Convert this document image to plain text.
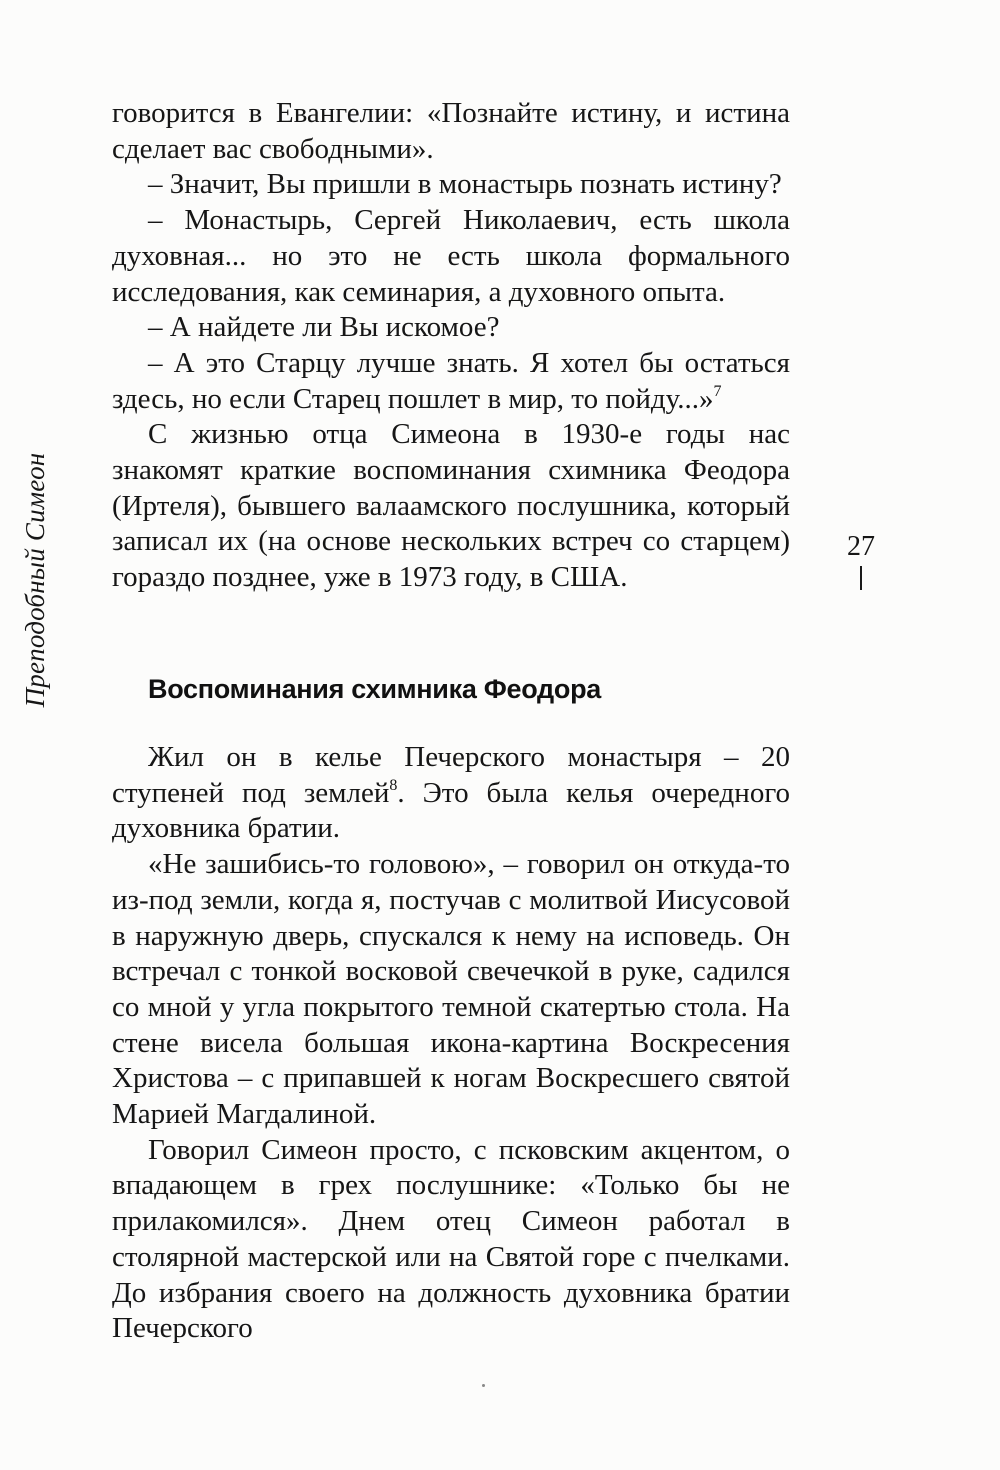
говорится в Евангелии: «Познайте истину, и истина сделает вас свободными».

– Значит, Вы пришли в монастырь познать истину?

– Монастырь, Сергей Николаевич, есть школа духовная... но это не есть школа формального исследования, как семинария, а духовного опыта.

– А найдете ли Вы искомое?

– А это Старцу лучше знать. Я хотел бы остаться здесь, но если Старец пошлет в мир, то пойду...»$^7$

С жизнью отца Симеона в 1930-е годы нас знакомят краткие воспоминания схимника Феодора (Иртеля), бывшего валаамского послушника, который записал их (на основе нескольких встреч со старцем) гораздо позднее, уже в 1973 году, в США.

Воспоминания схимника Феодора

Жил он в келье Печерского монастыря – 20 ступеней под землей$^8$. Это была келья очередного духовника братии.

«Не зашибись-то головою», – говорил он откуда-то из-под земли, когда я, постучав с молитвой Иисусовой в наружную дверь, спускался к нему на исповедь. Он встречал с тонкой восковой свечечкой в руке, садился со мной у угла покрытого темной скатертью стола. На стене висела большая икона-картина Воскресения Христова – с припавшей к ногам Воскресшего святой Марией Магдалиной.

Говорил Симеон просто, с псковским акцентом, о впадающем в грех послушнике: «Только бы не прилакомился». Днем отец Симеон работал в столярной мастерской или на Святой горе с пчелками. До избрания своего на должность духовника братии Печерского

27
Преподобный Симеон
